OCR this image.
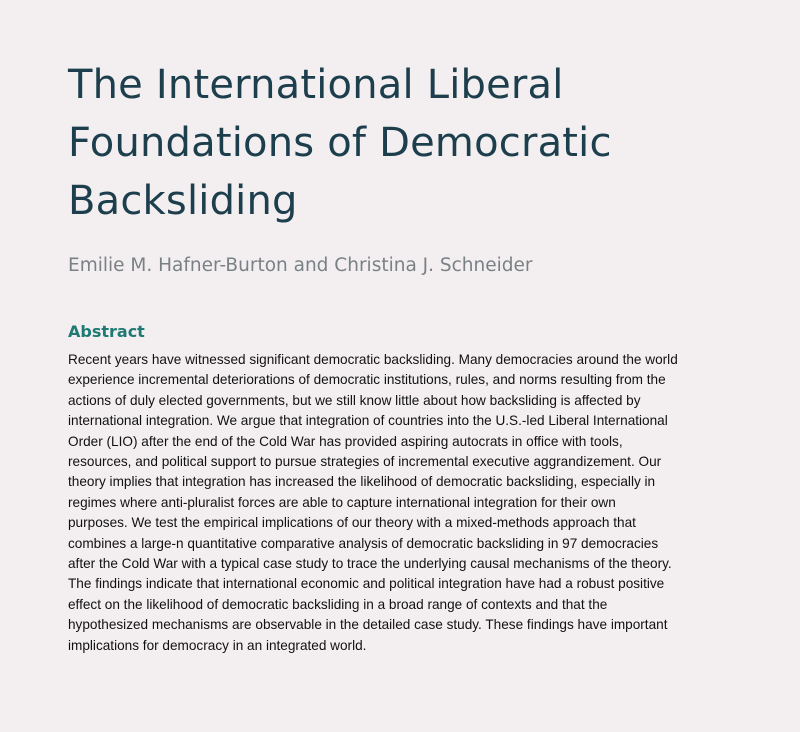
The International Liberal
Foundations of Democratic
Backsliding
Emilie M. Hafner-Burton and Christina J. Schneider
Abstract
Recent years have witnessed significant democratic backsliding. Many democracies around the world
experience incremental deteriorations of democratic institutions, rules, and norms resulting from the
actions of duly elected governments, but we still know little about how backsliding is affected by
international integration. We argue that integration of countries into the U.S.-led Liberal International
Order (LIO) after the end of the Cold War has provided aspiring autocrats in office with tools,
resources, and political support to pursue strategies of incremental executive aggrandizement. Our
theory implies that integration has increased the likelihood of democratic backsliding, especially in
regimes where anti-pluralist forces are able to capture international integration for their own
purposes. We test the empirical implications of our theory with a mixed-methods approach that
combines a large-n quantitative comparative analysis of democratic backsliding in 97 democracies
after the Cold War with a typical case study to trace the underlying causal mechanisms of the theory.
The findings indicate that international economic and political integration have had a robust positive
effect on the likelihood of democratic backsliding in a broad range of contexts and that the
hypothesized mechanisms are observable in the detailed case study. These findings have important
implications for democracy in an integrated world.
